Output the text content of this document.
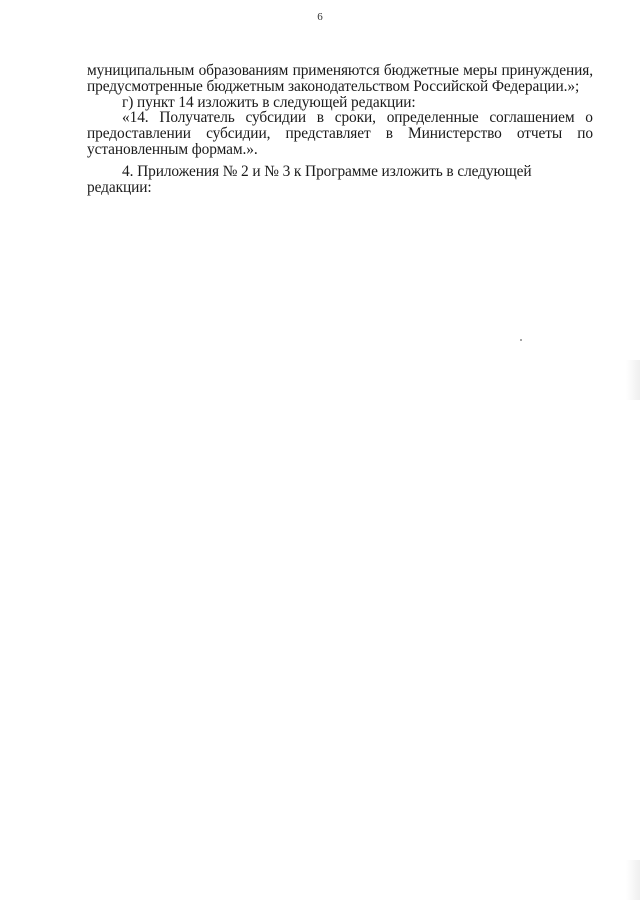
6
муниципальным образованиям применяются бюджетные меры принуждения,
предусмотренные бюджетным законодательством Российской Федерации.»;
г) пункт 14 изложить в следующей редакции:
«14. Получатель субсидии в сроки, определенные соглашением о
предоставлении субсидии, представляет в Министерство отчеты по
установленным формам.».
4. Приложения № 2 и № 3 к Программе изложить в следующей
редакции:
